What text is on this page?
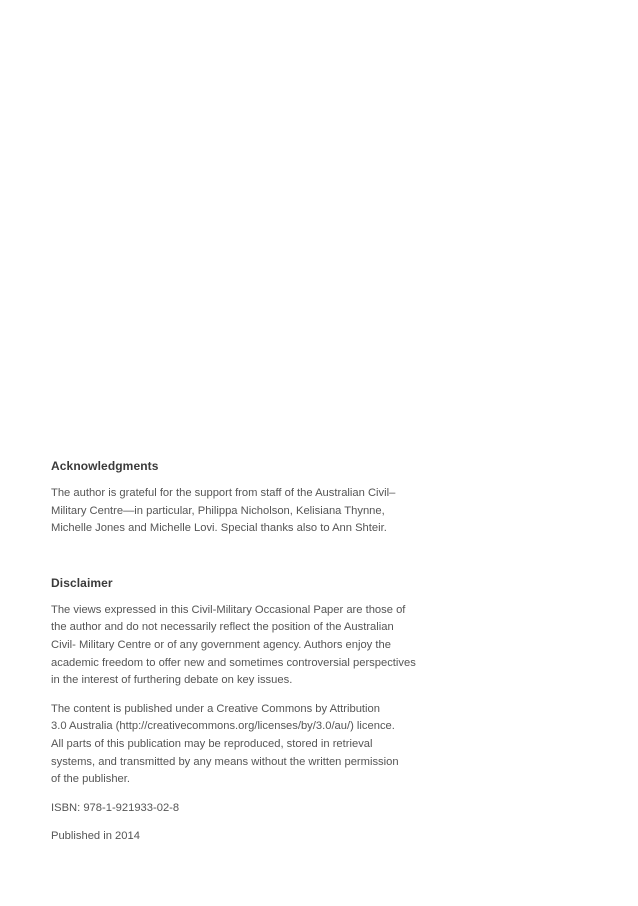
Acknowledgments

The author is grateful for the support from staff of the Australian Civil–
Military Centre—in particular, Philippa Nicholson, Kelisiana Thynne,
Michelle Jones and Michelle Lovi. Special thanks also to Ann Shteir.

Disclaimer

The views expressed in this Civil-Military Occasional Paper are those of
the author and do not necessarily reflect the position of the Australian
Civil- Military Centre or of any government agency. Authors enjoy the
academic freedom to offer new and sometimes controversial perspectives
in the interest of furthering debate on key issues.

The content is published under a Creative Commons by Attribution
3.0 Australia (http://creativecommons.org/licenses/by/3.0/au/) licence.
All parts of this publication may be reproduced, stored in retrieval
systems, and transmitted by any means without the written permission
of the publisher.

ISBN: 978-1-921933-02-8

Published in 2014
